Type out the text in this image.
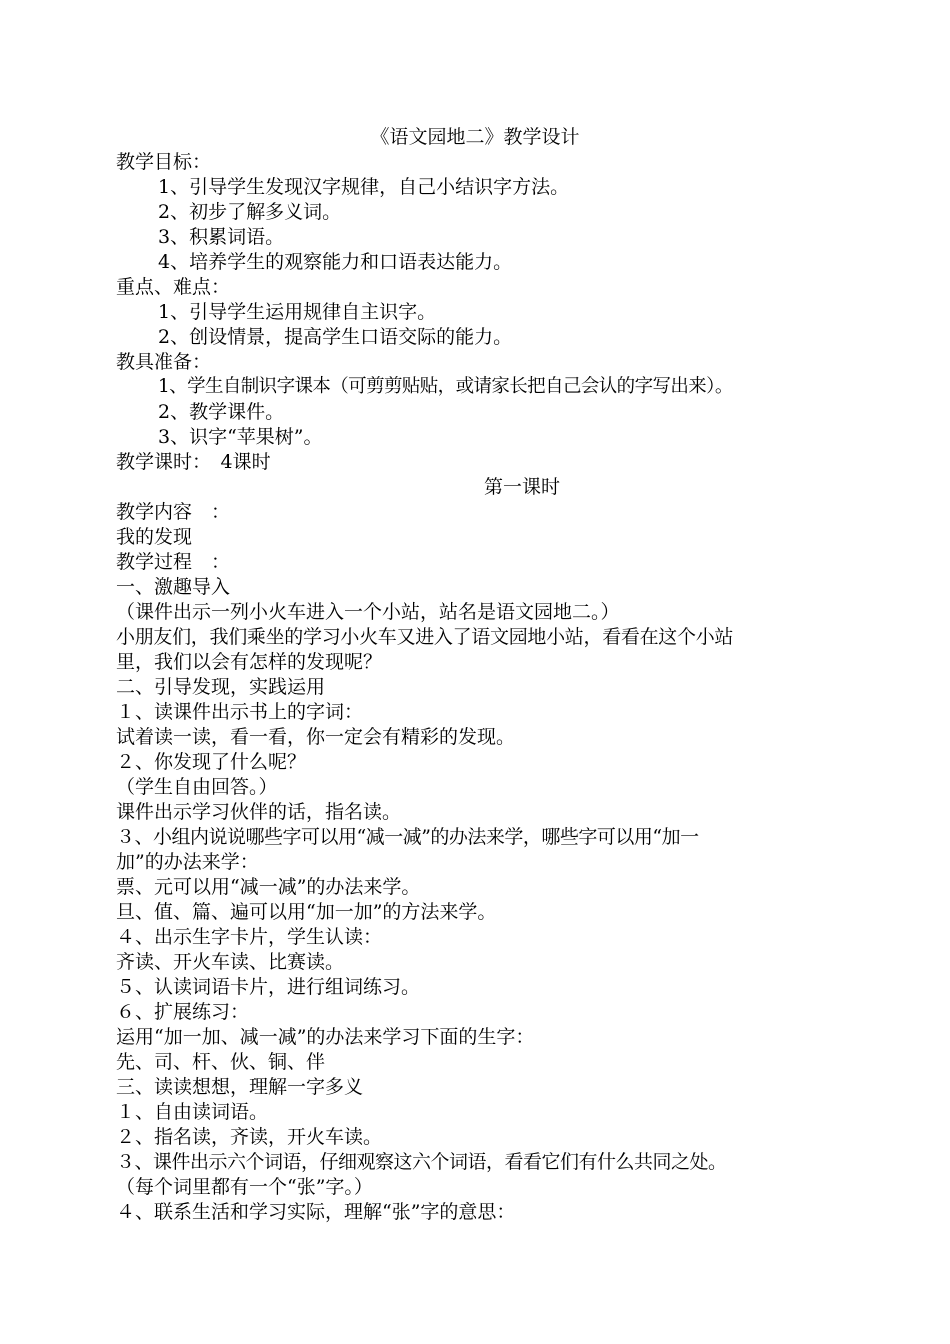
《语文园地二》教学设计
教学目标：
1、引导学生发现汉字规律，自己小结识字方法。
2、初步了解多义词。
3、积累词语。
4、培养学生的观察能力和口语表达能力。
重点、难点：
1、引导学生运用规律自主识字。
2、创设情景，提高学生口语交际的能力。
教具准备：
1、学生自制识字课本（可剪剪贴贴，或请家长把自己会认的字写出来）。
2、教学课件。
3、识字“苹果树”。
教学课时：　4课时
第一课时
教学内容　：
我的发现
教学过程　：
一、激趣导入
（课件出示一列小火车进入一个小站，站名是语文园地二。）
小朋友们，我们乘坐的学习小火车又进入了语文园地小站，看看在这个小站
里，我们以会有怎样的发现呢？
二、引导发现，实践运用
１、读课件出示书上的字词：
试着读一读，看一看，你一定会有精彩的发现。
２、你发现了什么呢？
（学生自由回答。）
课件出示学习伙伴的话，指名读。
３、小组内说说哪些字可以用“减一减”的办法来学，哪些字可以用“加一
加”的办法来学：
票、元可以用“减一减”的办法来学。
旦、值、篇、遍可以用“加一加”的方法来学。
４、出示生字卡片，学生认读：
齐读、开火车读、比赛读。
５、认读词语卡片，进行组词练习。
６、扩展练习：
运用“加一加、减一减”的办法来学习下面的生字：
先、司、杆、伙、铜、伴
三、读读想想，理解一字多义
１、自由读词语。
２、指名读，齐读，开火车读。
３、课件出示六个词语，仔细观察这六个词语，看看它们有什么共同之处。
（每个词里都有一个“张”字。）
４、联系生活和学习实际，理解“张”字的意思：
